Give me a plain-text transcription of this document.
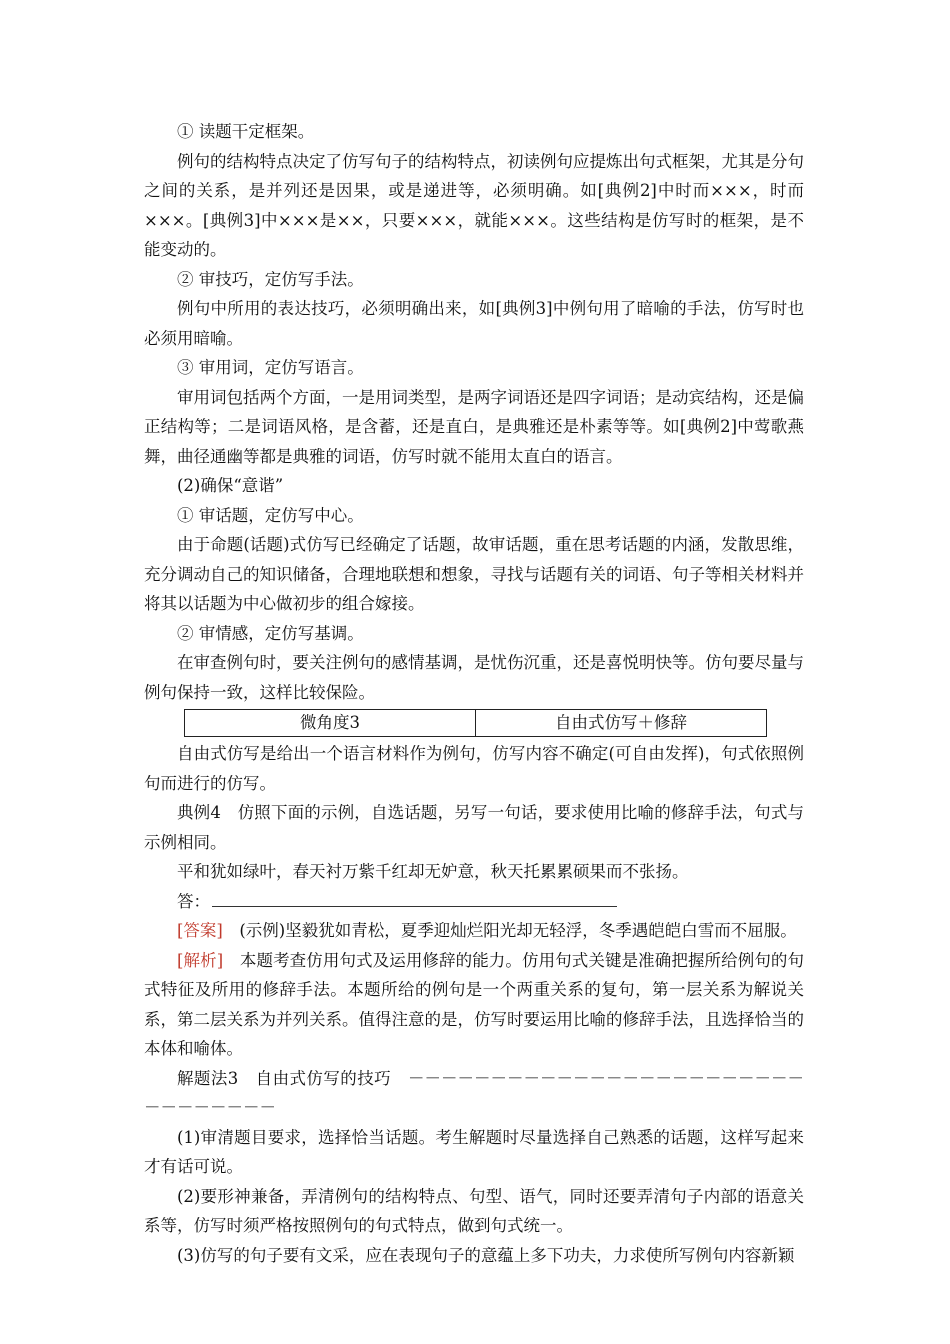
① 读题干定框架。

例句的结构特点决定了仿写句子的结构特点，初读例句应提炼出句式框架，尤其是分句之间的关系，是并列还是因果，或是递进等，必须明确。如[典例2]中时而×××，时而×××。[典例3]中×××是××，只要×××，就能×××。这些结构是仿写时的框架，是不能变动的。

② 审技巧，定仿写手法。

例句中所用的表达技巧，必须明确出来，如[典例3]中例句用了暗喻的手法，仿写时也必须用暗喻。

③ 审用词，定仿写语言。

审用词包括两个方面，一是用词类型，是两字词语还是四字词语；是动宾结构，还是偏正结构等；二是词语风格，是含蓄，还是直白，是典雅还是朴素等等。如[典例2]中莺歌燕舞，曲径通幽等都是典雅的词语，仿写时就不能用太直白的语言。

(2)确保“意谐”

① 审话题，定仿写中心。

由于命题(话题)式仿写已经确定了话题，故审话题，重在思考话题的内涵，发散思维，充分调动自己的知识储备，合理地联想和想象，寻找与话题有关的词语、句子等相关材料并将其以话题为中心做初步的组合嫁接。

② 审情感，定仿写基调。

在审查例句时，要关注例句的感情基调，是忧伤沉重，还是喜悦明快等。仿句要尽量与例句保持一致，这样比较保险。

微角度3	自由式仿写＋修辞

自由式仿写是给出一个语言材料作为例句，仿写内容不确定(可自由发挥)，句式依照例句而进行的仿写。

典例4　仿照下面的示例，自选话题，另写一句话，要求使用比喻的修辞手法，句式与示例相同。

平和犹如绿叶，春天衬万紫千红却无妒意，秋天托累累硕果而不张扬。

答：

[答案]　 (示例)坚毅犹如青松，夏季迎灿烂阳光却无轻浮，冬季遇皑皑白雪而不屈服。

[解析]　 本题考查仿用句式及运用修辞的能力。仿用句式关键是准确把握所给例句的句式特征及所用的修辞手法。本题所给的例句是一个两重关系的复句，第一层关系为解说关系，第二层关系为并列关系。值得注意的是，仿写时要运用比喻的修辞手法，且选择恰当的本体和喻体。

解题法3　自由式仿写的技巧　 －－－－－－－－－－－－－－－－－－－－－－－－－－－－－－－－

(1)审清题目要求，选择恰当话题。考生解题时尽量选择自己熟悉的话题，这样写起来才有话可说。

(2)要形神兼备，弄清例句的结构特点、句型、语气，同时还要弄清句子内部的语意关系等，仿写时须严格按照例句的句式特点，做到句式统一。

(3)仿写的句子要有文采，应在表现句子的意蕴上多下功夫，力求使所写例句内容新颖
